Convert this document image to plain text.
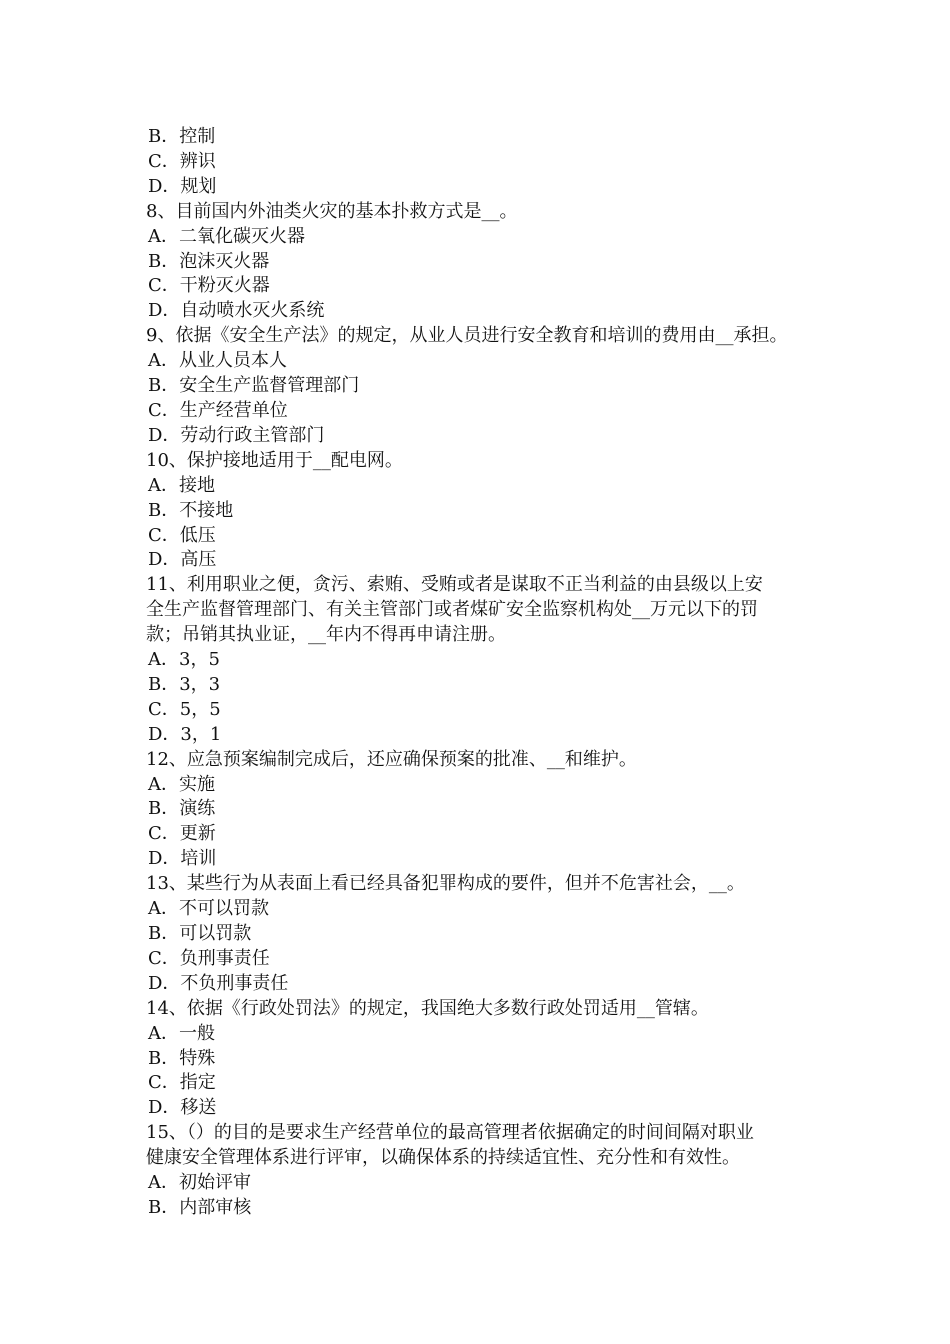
B．控制
C．辨识
D．规划
8、目前国内外油类火灾的基本扑救方式是__。
A．二氧化碳灭火器
B．泡沫灭火器
C．干粉灭火器
D．自动喷水灭火系统
9、依据《安全生产法》的规定，从业人员进行安全教育和培训的费用由__承担。
A．从业人员本人
B．安全生产监督管理部门
C．生产经营单位
D．劳动行政主管部门
10、保护接地适用于__配电网。
A．接地
B．不接地
C．低压
D．高压
11、利用职业之便，贪污、索贿、受贿或者是谋取不正当利益的由县级以上安
全生产监督管理部门、有关主管部门或者煤矿安全监察机构处__万元以下的罚
款；吊销其执业证，__年内不得再申请注册。
A．3，5
B．3，3
C．5，5
D．3，1
12、应急预案编制完成后，还应确保预案的批准、__和维护。
A．实施
B．演练
C．更新
D．培训
13、某些行为从表面上看已经具备犯罪构成的要件，但并不危害社会，__。
A．不可以罚款
B．可以罚款
C．负刑事责任
D．不负刑事责任
14、依据《行政处罚法》的规定，我国绝大多数行政处罚适用__管辖。
A．一般
B．特殊
C．指定
D．移送
15、（）的目的是要求生产经营单位的最高管理者依据确定的时间间隔对职业
健康安全管理体系进行评审，以确保体系的持续适宜性、充分性和有效性。
A．初始评审
B．内部审核
